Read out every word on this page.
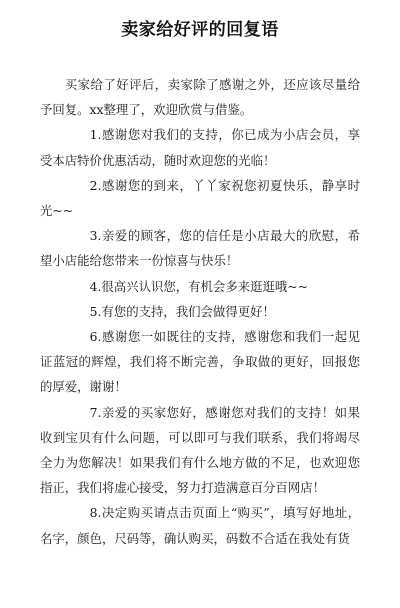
卖家给好评的回复语

买家给了好评后，卖家除了感谢之外，还应该尽量给予回复。xx整理了，欢迎欣赏与借鉴。

1.感谢您对我们的支持，你已成为小店会员，享受本店特价优惠活动，随时欢迎您的光临！

2.感谢您的到来，丫丫家祝您初夏快乐，静享时光~~

3.亲爱的顾客，您的信任是小店最大的欣慰，希望小店能给您带来一份惊喜与快乐！

4.很高兴认识您，有机会多来逛逛哦~~

5.有您的支持，我们会做得更好！

6.感谢您一如既往的支持，感谢您和我们一起见证蓝冠的辉煌，我们将不断完善，争取做的更好，回报您的厚爱，谢谢！

7.亲爱的买家您好，感谢您对我们的支持！如果收到宝贝有什么问题，可以即可与我们联系，我们将竭尽全力为您解决！如果我们有什么地方做的不足，也欢迎您指正，我们将虚心接受，努力打造满意百分百网店！

8.决定购买请点击页面上“购买”，填写好地址，名字，颜色，尺码等，确认购买，码数不合适在我处有货
